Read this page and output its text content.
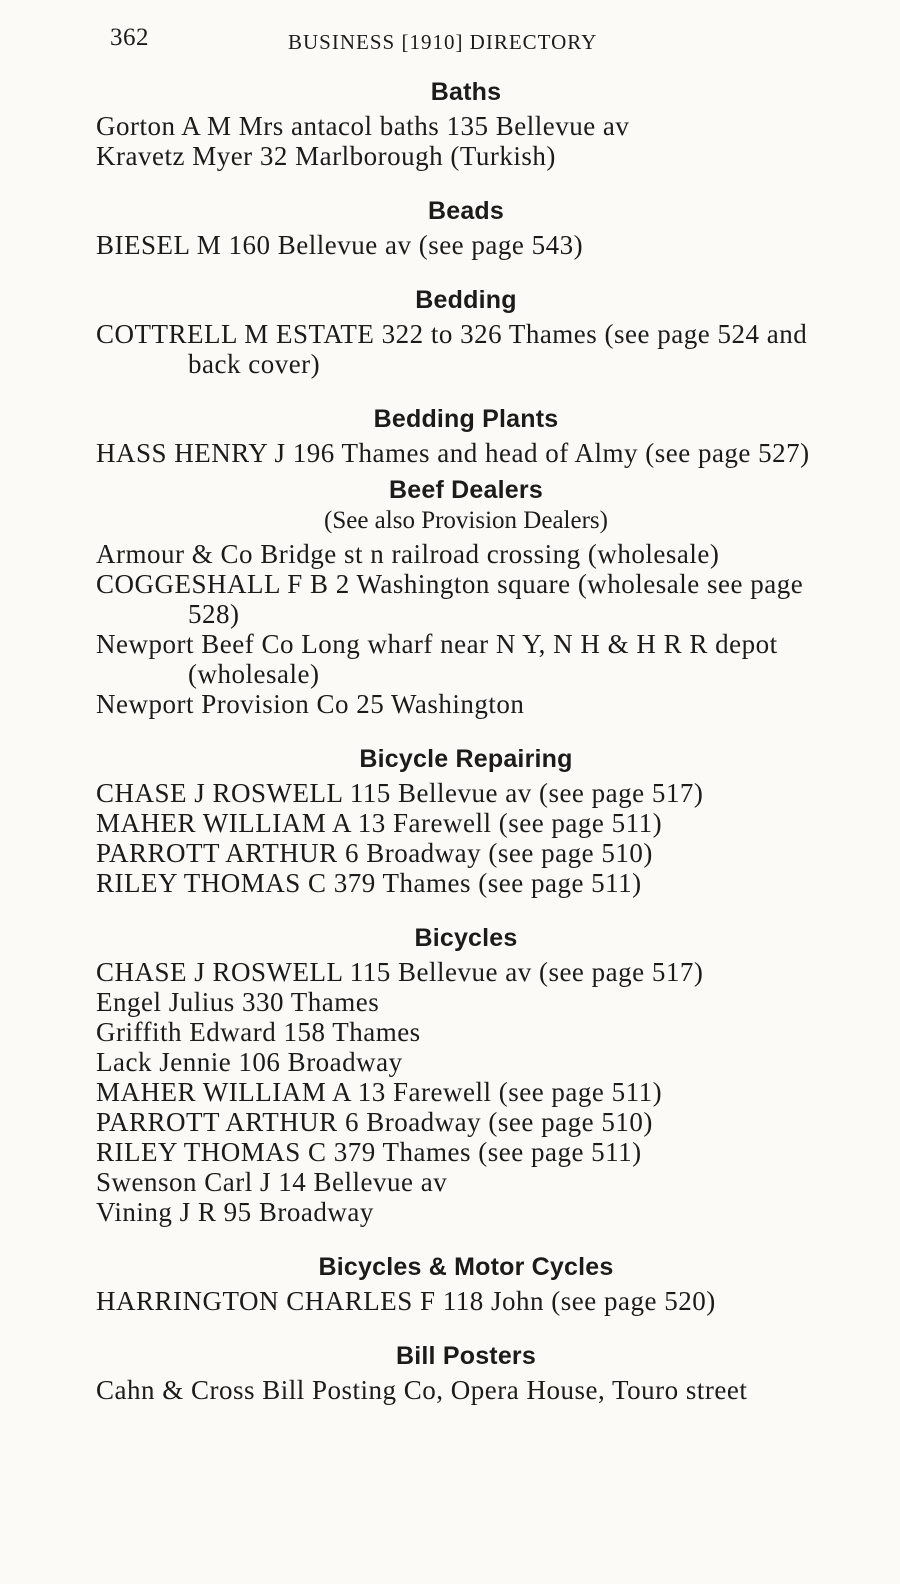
362	BUSINESS [1910] DIRECTORY
Baths

Gorton A M Mrs antacol baths 135 Bellevue av

Kravetz Myer 32 Marlborough (Turkish)

Beads

BIESEL M 160 Bellevue av (see page 543)

Bedding

COTTRELL M ESTATE 322 to 326 Thames (see page 524 and back cover)

Bedding Plants

HASS HENRY J 196 Thames and head of Almy (see page 527)

Beef Dealers
(See also Provision Dealers)

Armour & Co Bridge st n railroad crossing (wholesale)

COGGESHALL F B 2 Washington square (wholesale see page 528)

Newport Beef Co Long wharf near N Y, N H & H R R depot (wholesale)

Newport Provision Co 25 Washington

Bicycle Repairing

CHASE J ROSWELL 115 Bellevue av (see page 517)

MAHER WILLIAM A 13 Farewell (see page 511)

PARROTT ARTHUR 6 Broadway (see page 510)

RILEY THOMAS C 379 Thames (see page 511)

Bicycles

CHASE J ROSWELL 115 Bellevue av (see page 517)

Engel Julius 330 Thames

Griffith Edward 158 Thames

Lack Jennie 106 Broadway

MAHER WILLIAM A 13 Farewell (see page 511)

PARROTT ARTHUR 6 Broadway (see page 510)

RILEY THOMAS C 379 Thames (see page 511)

Swenson Carl J 14 Bellevue av

Vining J R 95 Broadway

Bicycles & Motor Cycles

HARRINGTON CHARLES F 118 John (see page 520)

Bill Posters

Cahn & Cross Bill Posting Co, Opera House, Touro street
